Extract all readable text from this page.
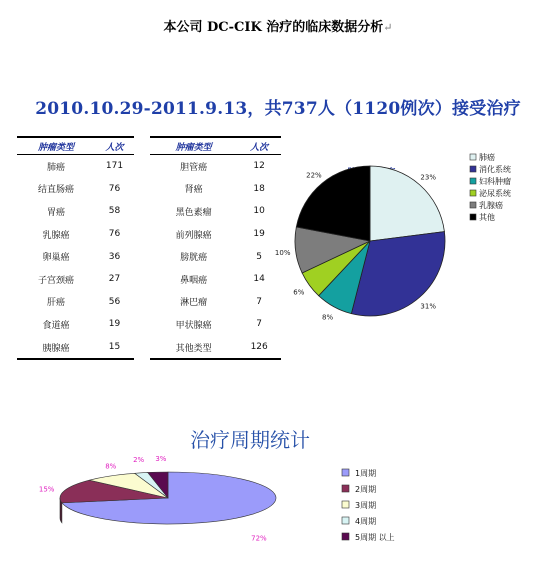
本公司 DC-CIK 治疗的临床数据分析↵
2010.10.29-2011.9.13，共737人（1120例次）接受治疗
肿瘤类型	人次
肺癌	171
结直肠癌	76
胃癌	58
乳腺癌	76
卵巢癌	36
子宫颈癌	27
肝癌	56
食道癌	19
胰腺癌	15
肿瘤类型	人次
胆管癌	12
肾癌	18
黑色素瘤	10
前列腺癌	19
膀胱癌	5
鼻咽癌	14
淋巴瘤	7
甲状腺癌	7
其他类型	126
23%
31%
8%
6%
10%
22%
肺癌
消化系统
妇科肿瘤
泌尿系统
乳腺癌
其他
治疗周期统计
72%
15%
8%
2% 3%
1周期
2周期
3周期
4周期
5周期 以上
